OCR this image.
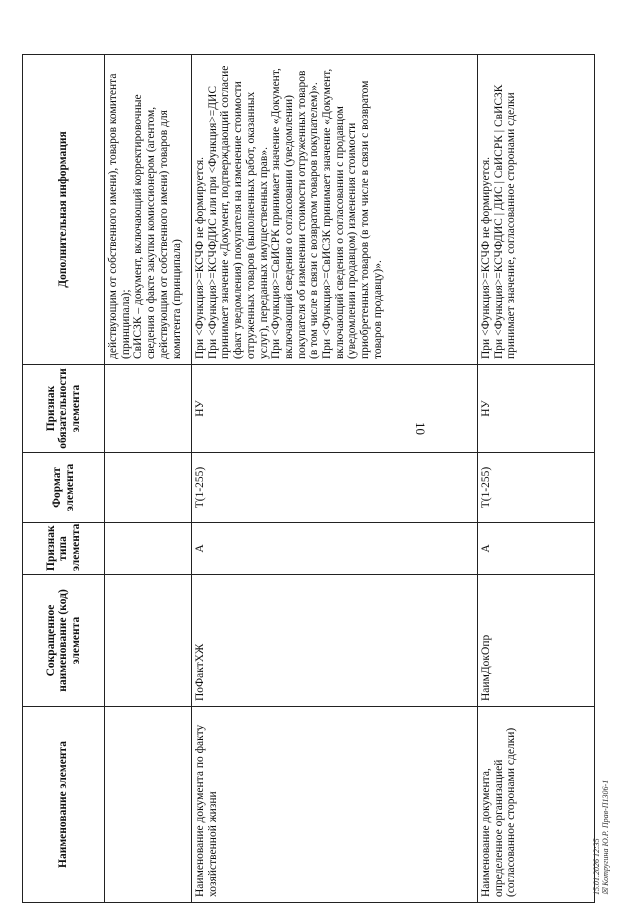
10
Наименование элемента	Сокращенное наименование (код) элемента	Признак типа элемента	Формат элемента	Признак обязательности элемента	Дополнительная информация

					действующим от собственного имени), товаров комитента (принципала); СвИСЗК – документ, включающий корректировочные сведения о факте закупки комиссионером (агентом, действующим от собственного имени) товаров для комитента (принципала)

Наименование документа по факту хозяйственной жизни	ПоФактХЖ	А	Т(1-255)	НУ	При <Функция>=КСЧФ не формируется. При <Функция>=КСЧФДИС или при <Функция>=ДИС принимает значение «Документ, подтверждающий согласие (факт уведомления) покупателя на изменение стоимости отгруженных товаров (выполненных работ, оказанных услуг), переданных имущественных прав». При <Функция>=СвИСРК принимает значение «Документ, включающий сведения о согласовании (уведомлении) покупателя об изменении стоимости отгруженных товаров (в том числе в связи с возвратом товаров покупателем)». При <Функция>=СвИСЗК принимает значение «Документ, включающий сведения о согласовании с продавцом (уведомлении продавцом) изменения стоимости приобретенных товаров (в том числе в связи с возвратом товаров продавцу)».

Наименование документа, определенное организацией (согласованное сторонами сделки)	НаимДокОпр	А	Т(1-255)	НУ	При <Функция>=КСЧФ не формируется. При <Функция>=КСЧФДИС | ДИС | СвИСРК | СвИСЗК принимает значение, согласованное сторонами сделки
15.01.2026 12:35 ☒ Котругина Ю.Р. Прав-П1306-1
